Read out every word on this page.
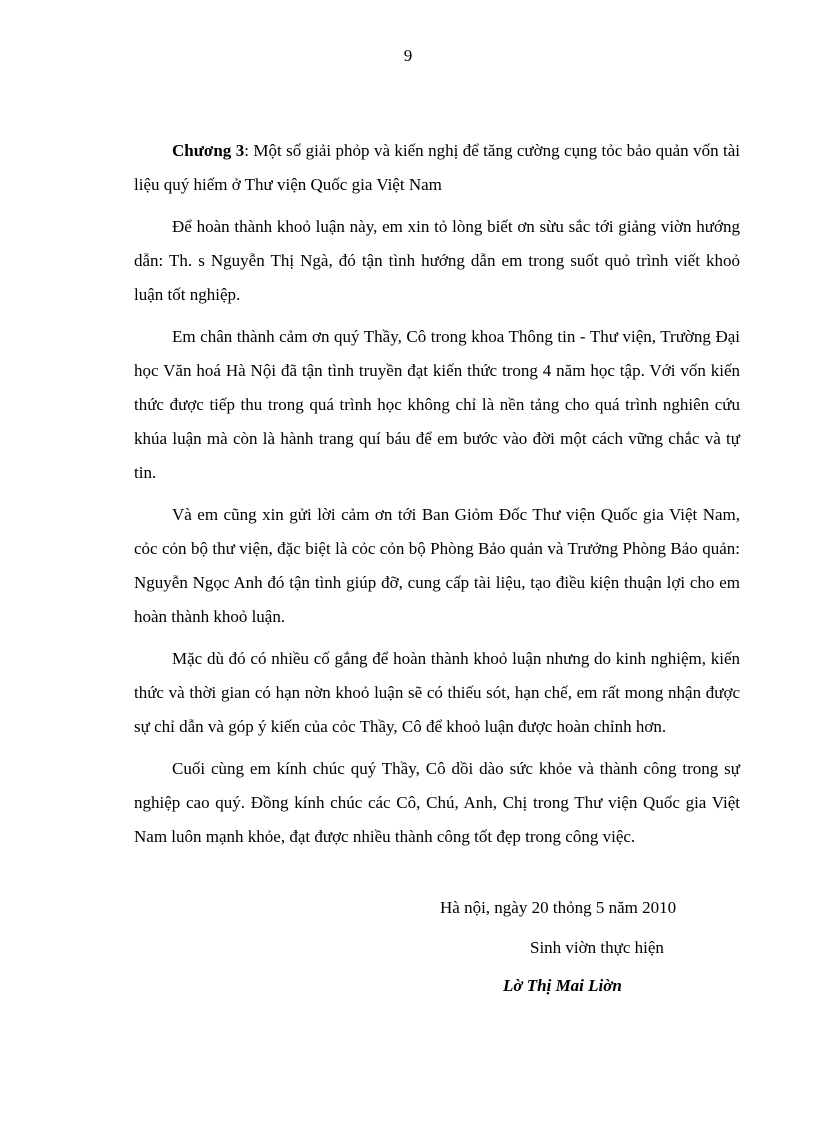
9

Chương 3: Một số giải phỏp và kiến nghị để tăng cường cụng tỏc bảo quản vốn tài liệu quý hiếm ở Thư viện Quốc gia Việt Nam

Để hoàn thành khoỏ luận này, em xin tỏ lòng biết ơn sừu sắc tới giảng viờn hướng dẫn: Th. s Nguyễn Thị Ngà, đó tận tình hướng dẫn em trong suốt quỏ trình viết khoỏ luận tốt nghiệp.

Em chân thành cảm ơn quý Thầy, Cô trong khoa Thông tin - Thư viện, Trường Đại học Văn hoá Hà Nội đã tận tình truyền đạt kiến thức trong 4 năm học tập. Với vốn kiến thức được tiếp thu trong quá trình học không chỉ là nền tảng cho quá trình nghiên cứu khúa luận mà còn là hành trang quí báu để em bước vào đời một cách vững chắc và tự tin.

Và em cũng xin gửi lời cảm ơn tới Ban Giỏm Đốc Thư viện Quốc gia Việt Nam, cỏc cỏn bộ thư viện, đặc biệt là cỏc cỏn bộ Phòng Bảo quản và Trưởng Phòng Bảo quản: Nguyễn Ngọc Anh đó tận tình giúp đỡ, cung cấp tài liệu, tạo điều kiện thuận lợi cho em hoàn thành khoỏ luận.

Mặc dù đó có nhiều cố gắng để hoàn thành khoỏ luận nhưng do kinh nghiệm, kiến thức và thời gian có hạn nờn khoỏ luận sẽ có thiếu sót, hạn chế, em rất mong nhận được sự chỉ dẫn và góp ý kiến của cỏc Thầy, Cô để khoỏ luận được hoàn chỉnh hơn.

Cuối cùng em kính chúc quý Thầy, Cô dồi dào sức khỏe và thành công trong sự nghiệp cao quý. Đồng kính chúc các Cô, Chú, Anh, Chị trong Thư viện Quốc gia Việt Nam luôn mạnh khỏe, đạt được nhiều thành công tốt đẹp trong công việc.

Hà nội, ngày 20 thỏng 5 năm 2010
Sinh viờn thực hiện
Lờ Thị Mai Liờn
